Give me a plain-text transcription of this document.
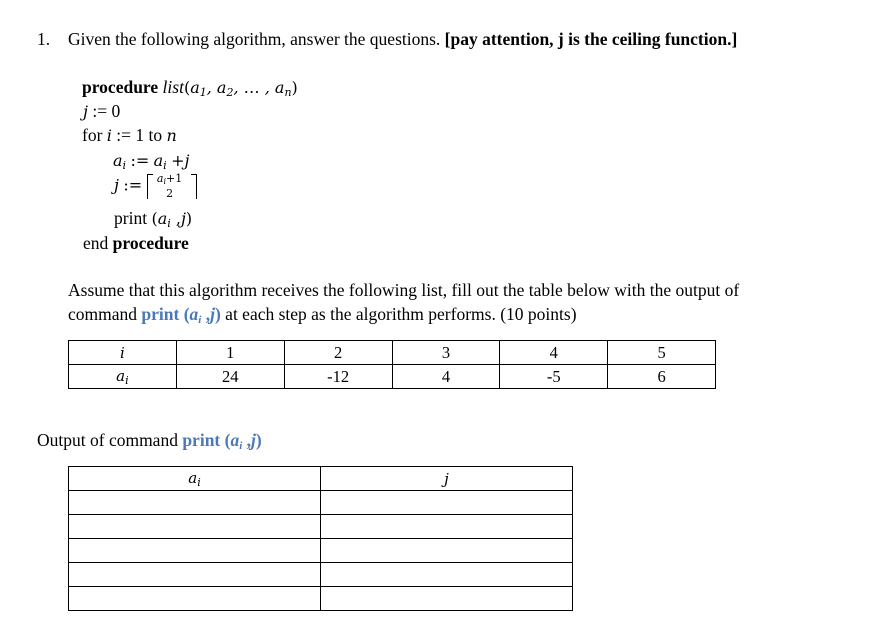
1. Given the following algorithm, answer the questions. [pay attention, j is the ceiling function.]
procedure $list(a_1$, $a_2$, … , $a_n$)
j := 0
for i := 1 to n
$a_i$ := $a_i +j$
j := $a_i+1$
2
print ($a_i$ ,j)
end procedure
Assume that this algorithm receives the following list, fill out the table below with the output of
command print ($a_i$ ,j) at each step as the algorithm performs. (10 points)
i	1	2	3	4	5
$a_i$	24	-12	4	-5	6
Output of command print ($a_i$ ,j)
$a_i$	j
